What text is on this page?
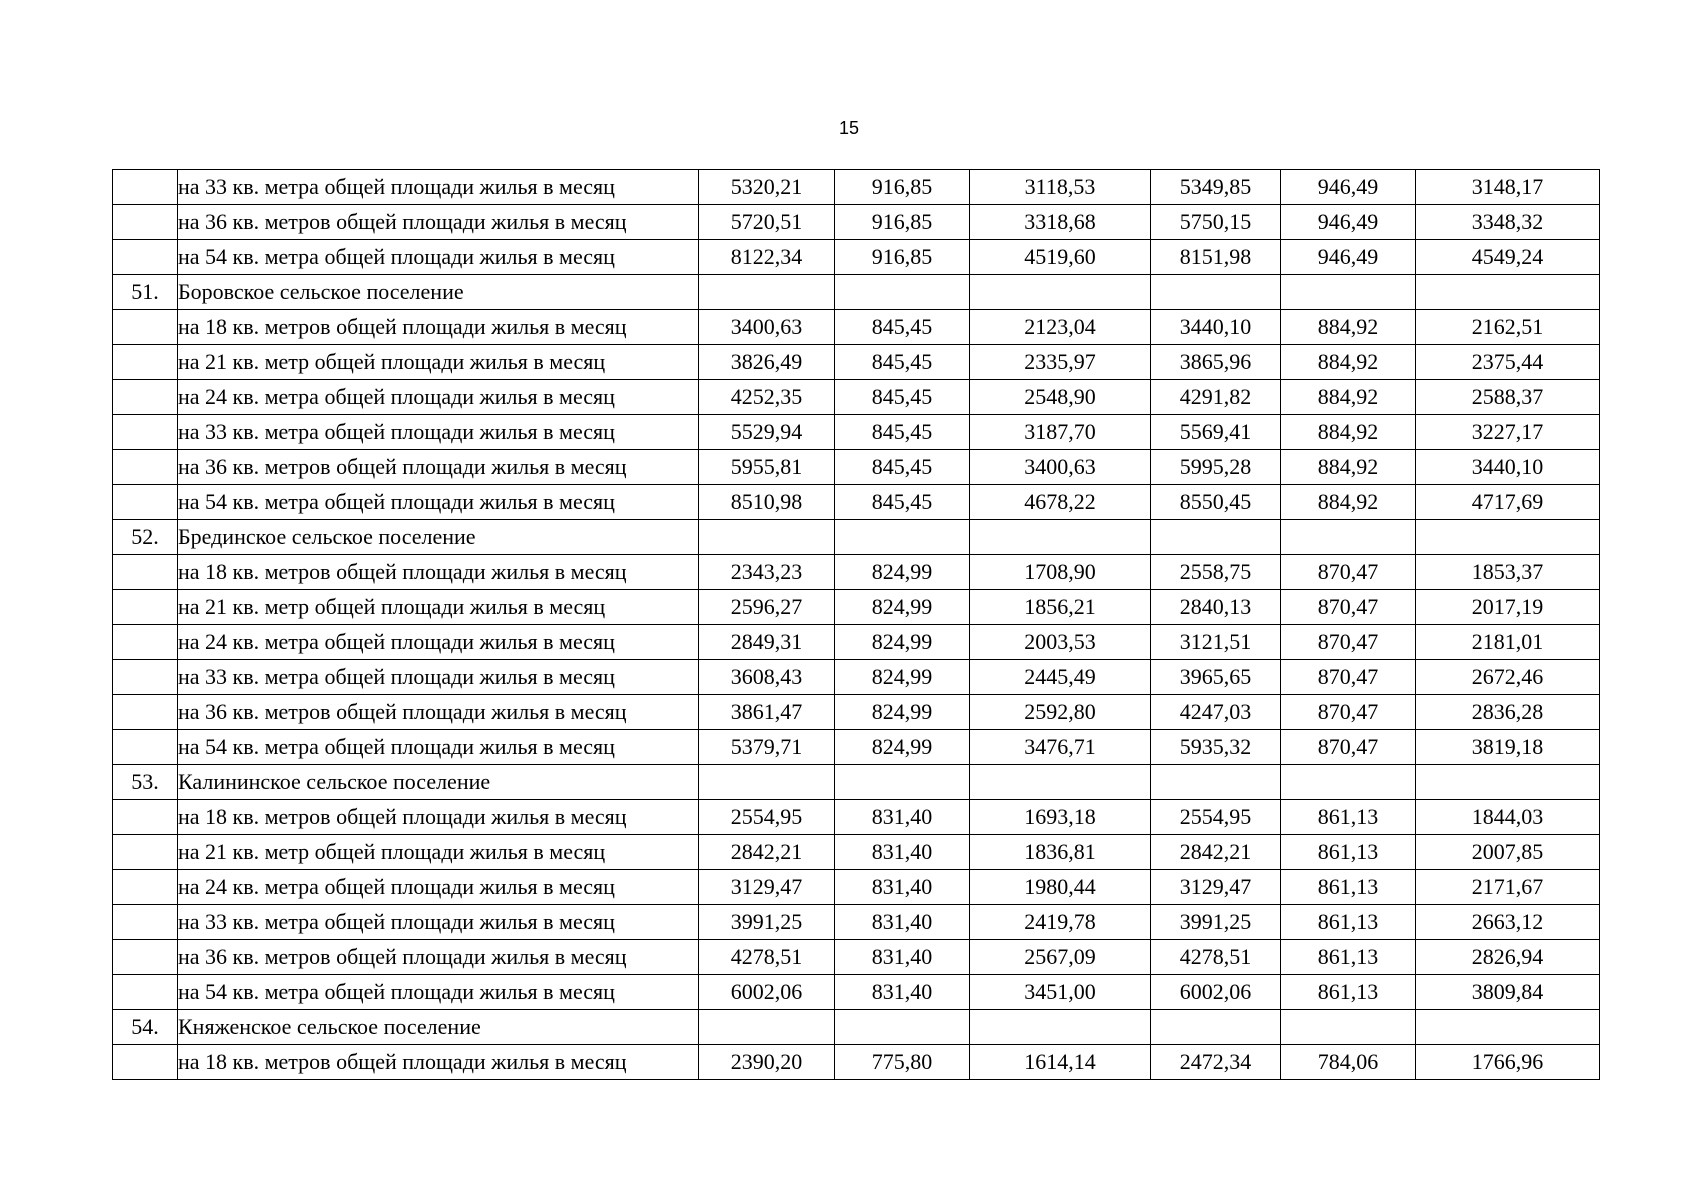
15
	на 33 кв. метра общей площади жилья в месяц	5320,21	916,85	3118,53	5349,85	946,49	3148,17
	на 36 кв. метров общей площади жилья в месяц	5720,51	916,85	3318,68	5750,15	946,49	3348,32
	на 54 кв. метра общей площади жилья в месяц	8122,34	916,85	4519,60	8151,98	946,49	4549,24
51.	Боровское сельское поселение						
	на 18 кв. метров общей площади жилья в месяц	3400,63	845,45	2123,04	3440,10	884,92	2162,51
	на 21 кв. метр общей площади жилья в месяц	3826,49	845,45	2335,97	3865,96	884,92	2375,44
	на 24 кв. метра общей площади жилья в месяц	4252,35	845,45	2548,90	4291,82	884,92	2588,37
	на 33 кв. метра общей площади жилья в месяц	5529,94	845,45	3187,70	5569,41	884,92	3227,17
	на 36 кв. метров общей площади жилья в месяц	5955,81	845,45	3400,63	5995,28	884,92	3440,10
	на 54 кв. метра общей площади жилья в месяц	8510,98	845,45	4678,22	8550,45	884,92	4717,69
52.	Брединское сельское поселение						
	на 18 кв. метров общей площади жилья в месяц	2343,23	824,99	1708,90	2558,75	870,47	1853,37
	на 21 кв. метр общей площади жилья в месяц	2596,27	824,99	1856,21	2840,13	870,47	2017,19
	на 24 кв. метра общей площади жилья в месяц	2849,31	824,99	2003,53	3121,51	870,47	2181,01
	на 33 кв. метра общей площади жилья в месяц	3608,43	824,99	2445,49	3965,65	870,47	2672,46
	на 36 кв. метров общей площади жилья в месяц	3861,47	824,99	2592,80	4247,03	870,47	2836,28
	на 54 кв. метра общей площади жилья в месяц	5379,71	824,99	3476,71	5935,32	870,47	3819,18
53.	Калининское сельское поселение						
	на 18 кв. метров общей площади жилья в месяц	2554,95	831,40	1693,18	2554,95	861,13	1844,03
	на 21 кв. метр общей площади жилья в месяц	2842,21	831,40	1836,81	2842,21	861,13	2007,85
	на 24 кв. метра общей площади жилья в месяц	3129,47	831,40	1980,44	3129,47	861,13	2171,67
	на 33 кв. метра общей площади жилья в месяц	3991,25	831,40	2419,78	3991,25	861,13	2663,12
	на 36 кв. метров общей площади жилья в месяц	4278,51	831,40	2567,09	4278,51	861,13	2826,94
	на 54 кв. метра общей площади жилья в месяц	6002,06	831,40	3451,00	6002,06	861,13	3809,84
54.	Княженское сельское поселение						
	на 18 кв. метров общей площади жилья в месяц	2390,20	775,80	1614,14	2472,34	784,06	1766,96
